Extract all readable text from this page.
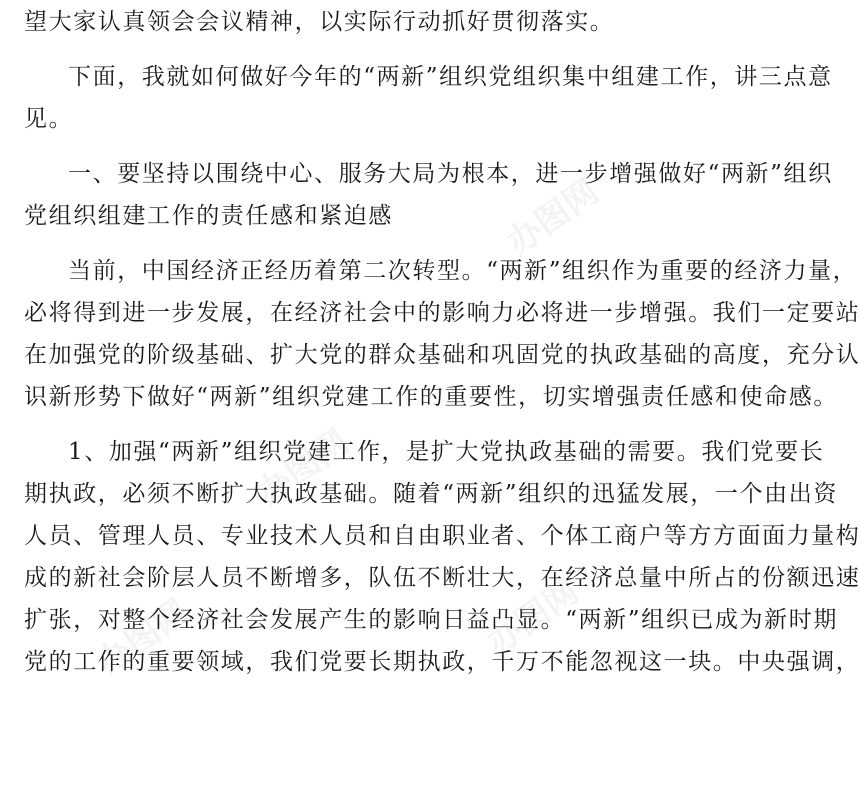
办图网
办图网
办图网
办图网
望大家认真领会会议精神，以实际行动抓好贯彻落实。
下面，我就如何做好今年的“两新”组织党组织集中组建工作，讲三点意
见。
一、要坚持以围绕中心、服务大局为根本，进一步增强做好“两新”组织
党组织组建工作的责任感和紧迫感
当前，中国经济正经历着第二次转型。“两新”组织作为重要的经济力量，
必将得到进一步发展，在经济社会中的影响力必将进一步增强。我们一定要站
在加强党的阶级基础、扩大党的群众基础和巩固党的执政基础的高度，充分认
识新形势下做好“两新”组织党建工作的重要性，切实增强责任感和使命感。
1、加强“两新”组织党建工作，是扩大党执政基础的需要。我们党要长
期执政，必须不断扩大执政基础。随着“两新”组织的迅猛发展，一个由出资
人员、管理人员、专业技术人员和自由职业者、个体工商户等方方面面力量构
成的新社会阶层人员不断增多，队伍不断壮大，在经济总量中所占的份额迅速
扩张，对整个经济社会发展产生的影响日益凸显。“两新”组织已成为新时期
党的工作的重要领域，我们党要长期执政，千万不能忽视这一块。中央强调，
